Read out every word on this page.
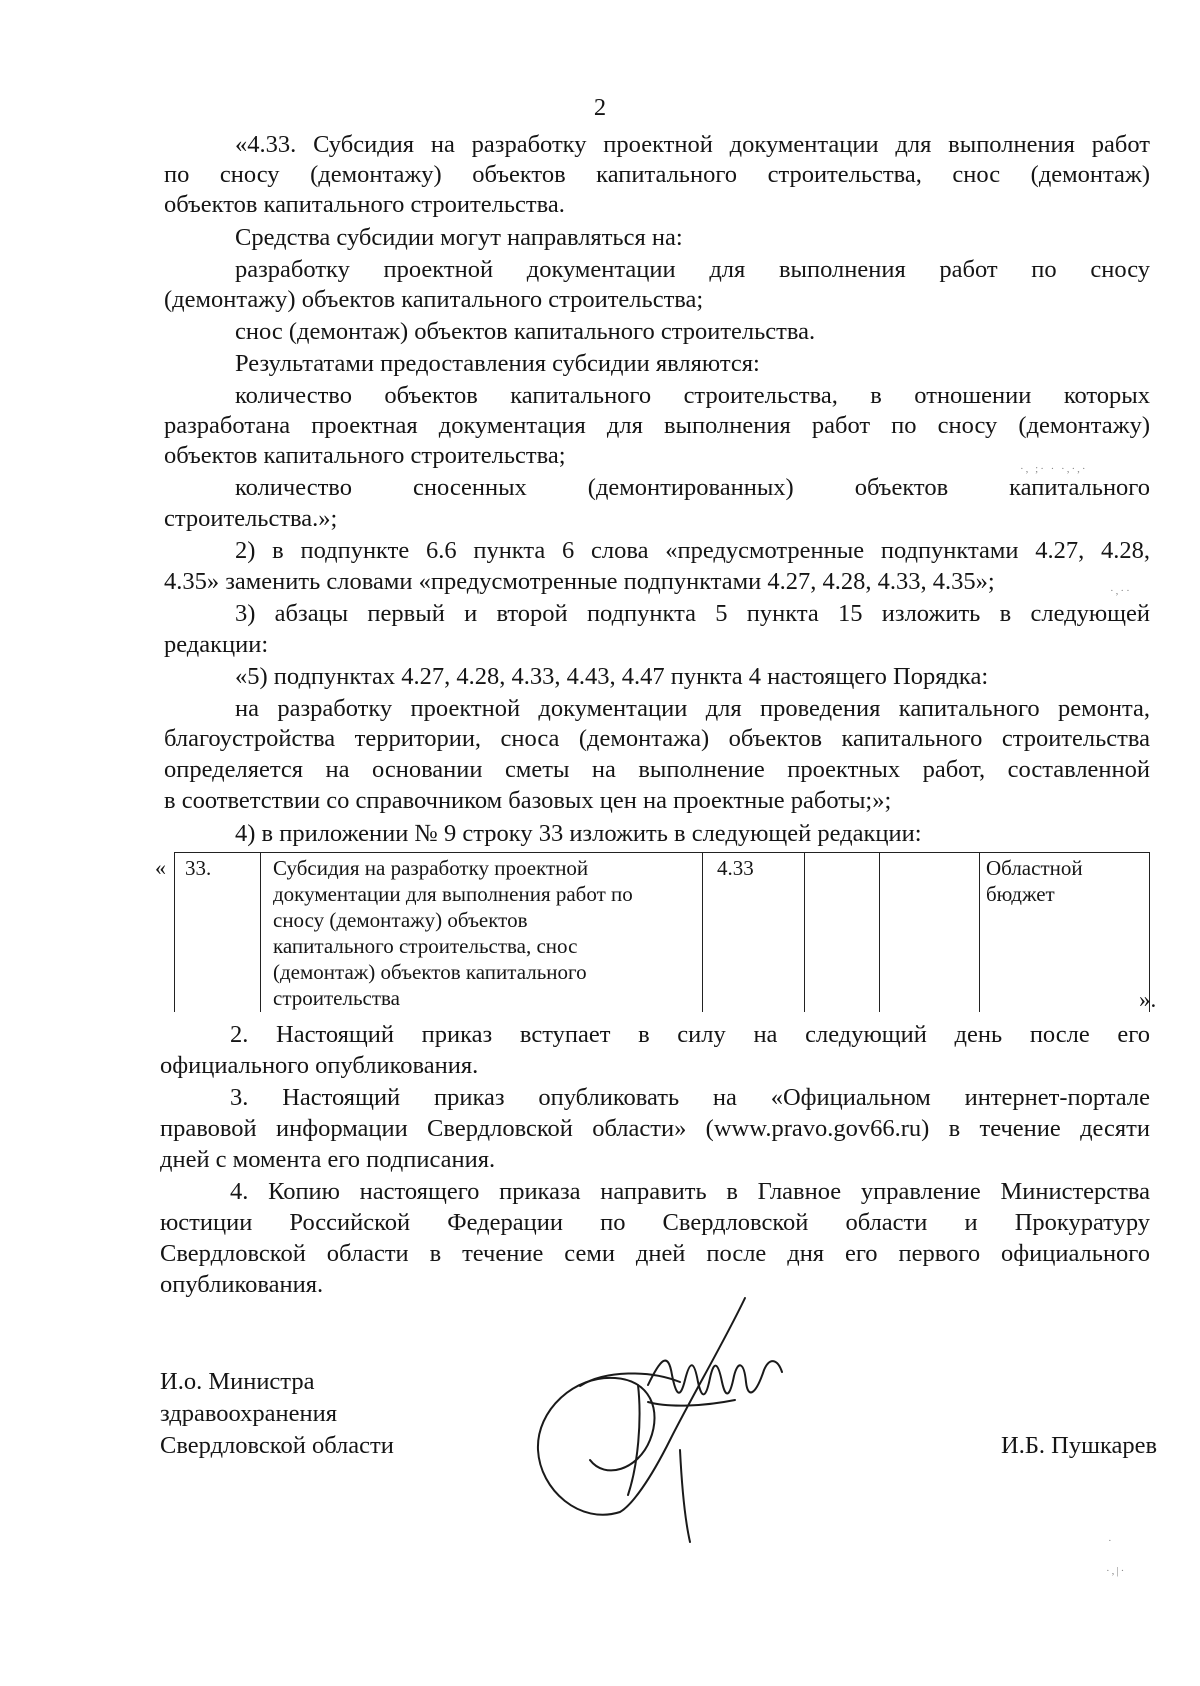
2
«4.33. Субсидия на разработку проектной документации для выполнения работ
по сносу (демонтажу) объектов капитального строительства, снос (демонтаж)
объектов капитального строительства.
Средства субсидии могут направляться на:
разработку проектной документации для выполнения работ по сносу
(демонтажу) объектов капитального строительства;
снос (демонтаж) объектов капитального строительства.
Результатами предоставления субсидии являются:
количество объектов капитального строительства, в отношении которых
разработана проектная документация для выполнения работ по сносу (демонтажу)
объектов капитального строительства;
количество сносенных (демонтированных) объектов капитального
строительства.»;
2) в подпункте 6.6 пункта 6 слова «предусмотренные подпунктами 4.27, 4.28,
4.35» заменить словами «предусмотренные подпунктами 4.27, 4.28, 4.33, 4.35»;
3) абзацы первый и второй подпункта 5 пункта 15 изложить в следующей
редакции:
«5) подпунктах 4.27, 4.28, 4.33, 4.43, 4.47 пункта 4 настоящего Порядка:
на разработку проектной документации для проведения капитального ремонта,
благоустройства территории, сноса (демонтажа) объектов капитального строительства
определяется на основании сметы на выполнение проектных работ, составленной
в соответствии со справочником базовых цен на проектные работы;»;
4) в приложении № 9 строку 33 изложить в следующей редакции:
« 33.	Субсидия на разработку проектной
документации для выполнения работ по
сносу (демонтажу) объектов
капитального строительства, снос
(демонтаж) объектов капитального
строительства
	4.33			Областной
бюджет
».
2. Настоящий приказ вступает в силу на следующий день после его
официального опубликования.
3. Настоящий приказ опубликовать на «Официальном интернет-портале
правовой информации Свердловской области» (www.pravo.gov66.ru) в течение десяти
дней с момента его подписания.
4. Копию настоящего приказа направить в Главное управление Министерства
юстиции Российской Федерации по Свердловской области и Прокуратуру
Свердловской области в течение семи дней после дня его первого официального
опубликования.
И.о. Министра
здравоохранения
Свердловской области	И.Б. Пушкарев
·, ;· · ·,·,·
·,··
·
·,|·
